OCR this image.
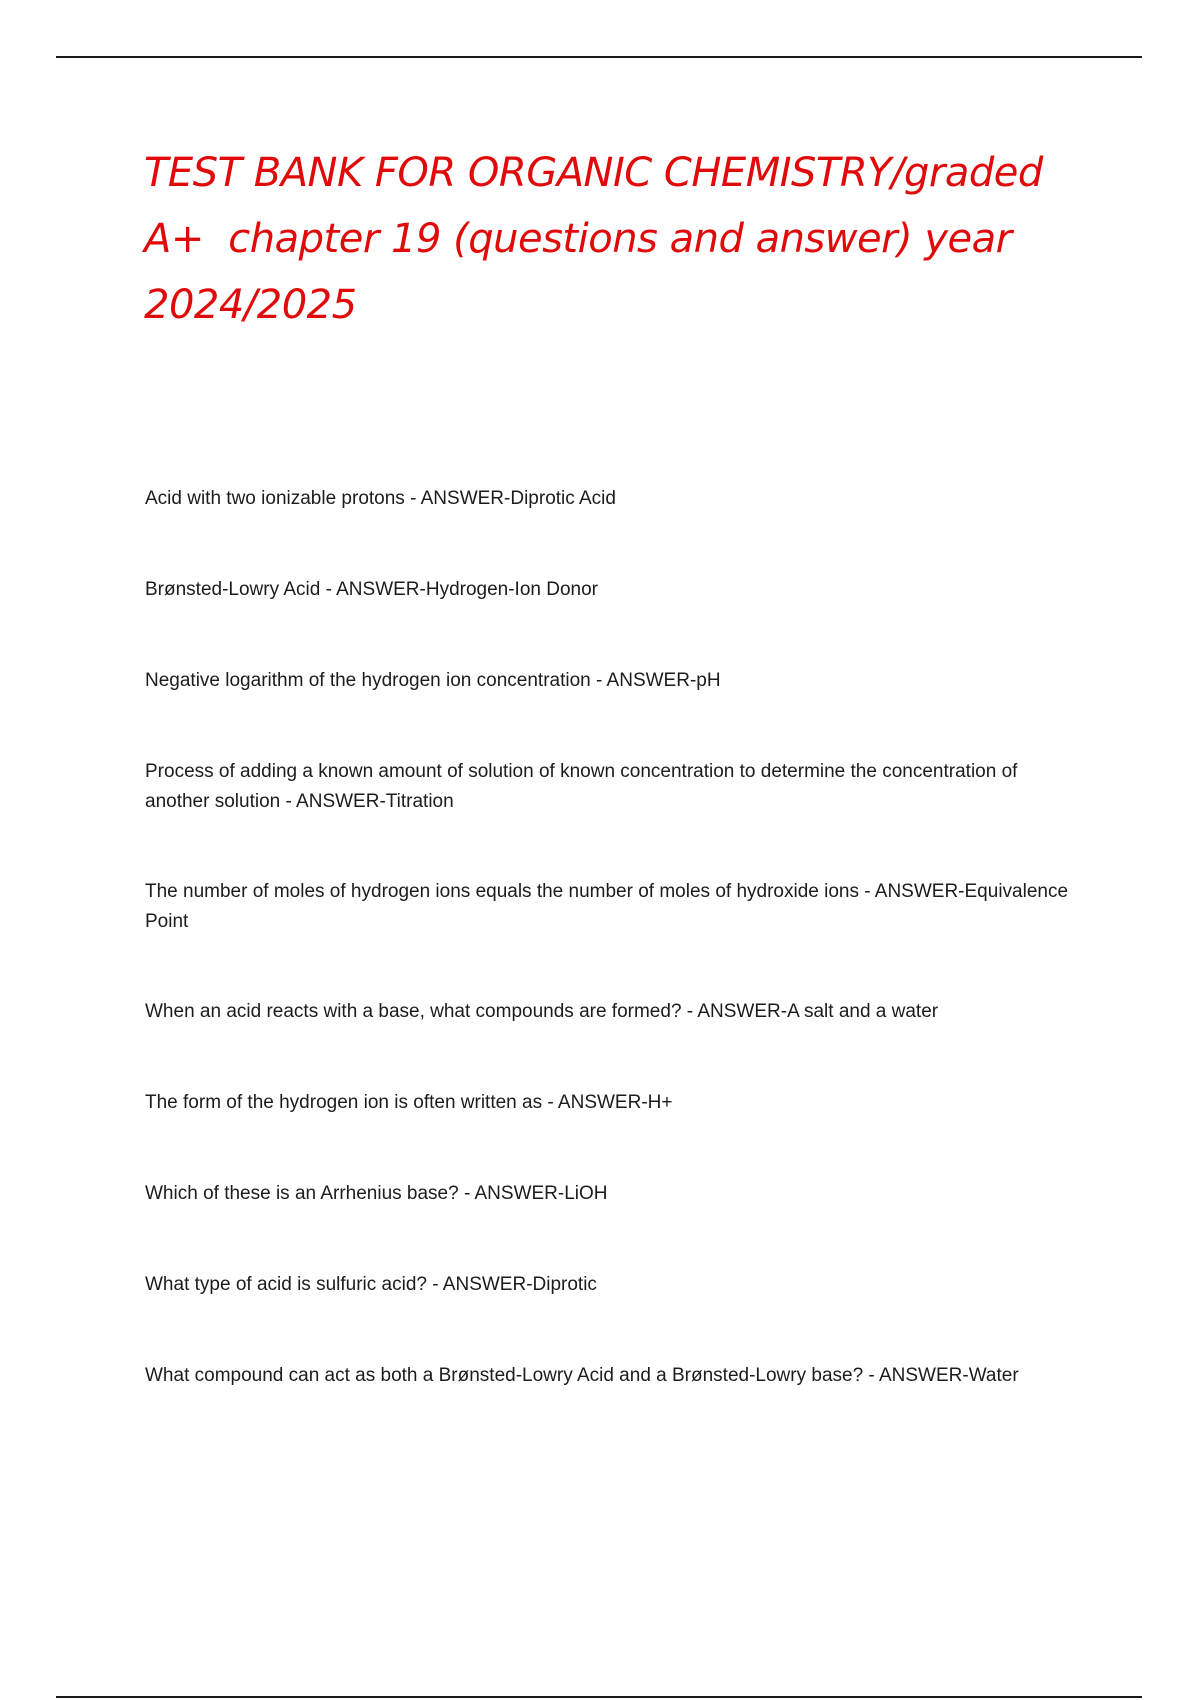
TEST BANK FOR ORGANIC CHEMISTRY/graded A+  chapter 19 (questions and answer) year 2024/2025
Acid with two ionizable protons - ANSWER-Diprotic Acid
Brønsted-Lowry Acid - ANSWER-Hydrogen-Ion Donor
Negative logarithm of the hydrogen ion concentration - ANSWER-pH
Process of adding a known amount of solution of known concentration to determine the concentration of another solution - ANSWER-Titration
The number of moles of hydrogen ions equals the number of moles of hydroxide ions - ANSWER-Equivalence Point
When an acid reacts with a base, what compounds are formed? - ANSWER-A salt and a water
The form of the hydrogen ion is often written as - ANSWER-H+
Which of these is an Arrhenius base? - ANSWER-LiOH
What type of acid is sulfuric acid? - ANSWER-Diprotic
What compound can act as both a Brønsted-Lowry Acid and a Brønsted-Lowry base? - ANSWER-Water
